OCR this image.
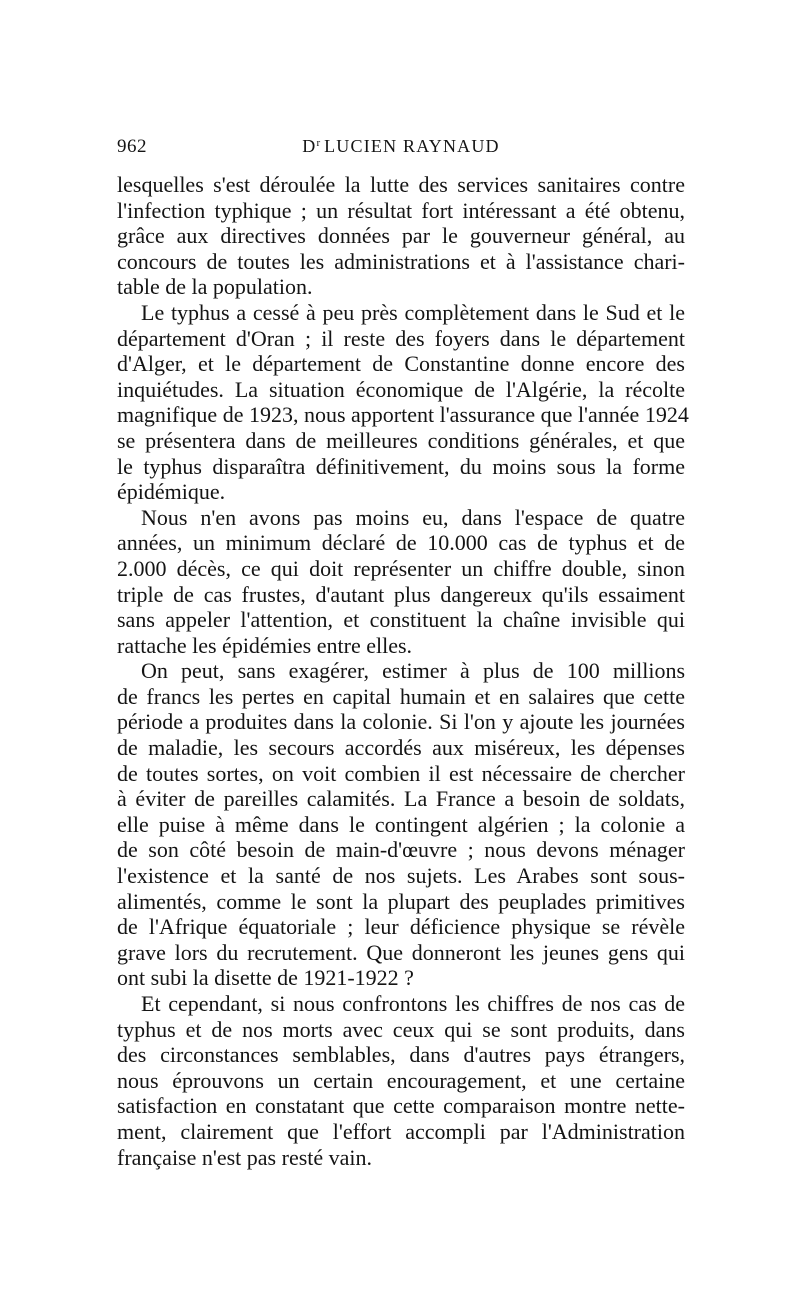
962	$D^r$ LUCIEN RAYNAUD
lesquelles s'est déroulée la lutte des services sanitaires contre
l'infection typhique ; un résultat fort intéressant a été obtenu,
grâce aux directives données par le gouverneur général, au
concours de toutes les administrations et à l'assistance chari-
table de la population.
Le typhus a cessé à peu près complètement dans le Sud et le
département d'Oran ; il reste des foyers dans le département
d'Alger, et le département de Constantine donne encore des
inquiétudes. La situation économique de l'Algérie, la récolte
magnifique de 1923, nous apportent l'assurance que l'année 1924
se présentera dans de meilleures conditions générales, et que
le typhus disparaîtra définitivement, du moins sous la forme
épidémique.
Nous n'en avons pas moins eu, dans l'espace de quatre
années, un minimum déclaré de 10.000 cas de typhus et de
2.000 décès, ce qui doit représenter un chiffre double, sinon
triple de cas frustes, d'autant plus dangereux qu'ils essaiment
sans appeler l'attention, et constituent la chaîne invisible qui
rattache les épidémies entre elles.
On peut, sans exagérer, estimer à plus de 100 millions
de francs les pertes en capital humain et en salaires que cette
période a produites dans la colonie. Si l'on y ajoute les journées
de maladie, les secours accordés aux miséreux, les dépenses
de toutes sortes, on voit combien il est nécessaire de chercher
à éviter de pareilles calamités. La France a besoin de soldats,
elle puise à même dans le contingent algérien ; la colonie a
de son côté besoin de main-d'œuvre ; nous devons ménager
l'existence et la santé de nos sujets. Les Arabes sont sous-
alimentés, comme le sont la plupart des peuplades primitives
de l'Afrique équatoriale ; leur déficience physique se révèle
grave lors du recrutement. Que donneront les jeunes gens qui
ont subi la disette de 1921-1922 ?
Et cependant, si nous confrontons les chiffres de nos cas de
typhus et de nos morts avec ceux qui se sont produits, dans
des circonstances semblables, dans d'autres pays étrangers,
nous éprouvons un certain encouragement, et une certaine
satisfaction en constatant que cette comparaison montre nette-
ment, clairement que l'effort accompli par l'Administration
française n'est pas resté vain.
